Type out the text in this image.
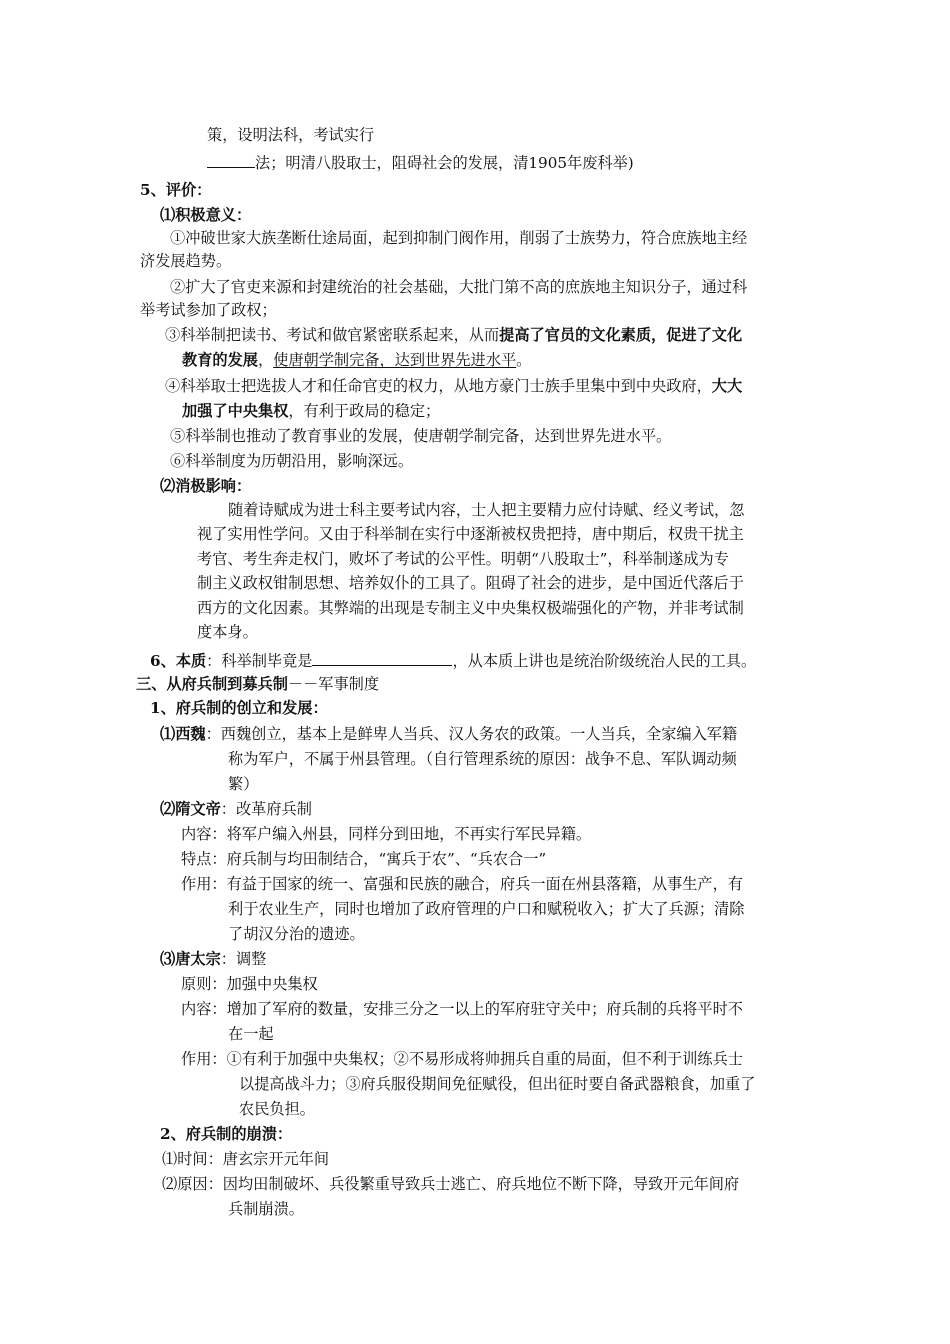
策，设明法科，考试实行
法；明清八股取士，阻碍社会的发展，清1905年废科举)
5、评价：
⑴积极意义：
①冲破世家大族垄断仕途局面，起到抑制门阀作用，削弱了士族势力，符合庶族地主经
济发展趋势。
②扩大了官吏来源和封建统治的社会基础，大批门第不高的庶族地主知识分子，通过科
举考试参加了政权；
③科举制把读书、考试和做官紧密联系起来，从而提高了官员的文化素质，促进了文化
教育的发展，使唐朝学制完备，达到世界先进水平。
④科举取士把选拔人才和任命官吏的权力，从地方豪门士族手里集中到中央政府，大大
加强了中央集权，有利于政局的稳定；
⑤科举制也推动了教育事业的发展，使唐朝学制完备，达到世界先进水平。
⑥科举制度为历朝沿用，影响深远。
⑵消极影响：
随着诗赋成为进士科主要考试内容，士人把主要精力应付诗赋、经义考试，忽
视了实用性学问。又由于科举制在实行中逐渐被权贵把持，唐中期后，权贵干扰主
考官、考生奔走权门，败坏了考试的公平性。明朝“八股取士”，科举制遂成为专
制主义政权钳制思想、培养奴仆的工具了。阻碍了社会的进步，是中国近代落后于
西方的文化因素。其弊端的出现是专制主义中央集权极端强化的产物，并非考试制
度本身。
6、本质：科举制毕竟是	，从本质上讲也是统治阶级统治人民的工具。
三、从府兵制到募兵制－－军事制度
1、府兵制的创立和发展：
⑴西魏：西魏创立，基本上是鲜卑人当兵、汉人务农的政策。一人当兵，全家编入军籍
称为军户，不属于州县管理。（自行管理系统的原因：战争不息、军队调动频
繁）
⑵隋文帝：改革府兵制
内容：将军户编入州县，同样分到田地，不再实行军民异籍。
特点：府兵制与均田制结合，“寓兵于农”、“兵农合一”
作用：有益于国家的统一、富强和民族的融合，府兵一面在州县落籍，从事生产，有
利于农业生产，同时也增加了政府管理的户口和赋税收入；扩大了兵源；清除
了胡汉分治的遗迹。
⑶唐太宗：调整
原则：加强中央集权
内容：增加了军府的数量，安排三分之一以上的军府驻守关中；府兵制的兵将平时不
在一起
作用：①有利于加强中央集权；②不易形成将帅拥兵自重的局面，但不利于训练兵士
以提高战斗力；③府兵服役期间免征赋役，但出征时要自备武器粮食，加重了
农民负担。
2、府兵制的崩溃：
⑴时间：唐玄宗开元年间
⑵原因：因均田制破坏、兵役繁重导致兵士逃亡、府兵地位不断下降，导致开元年间府
兵制崩溃。
